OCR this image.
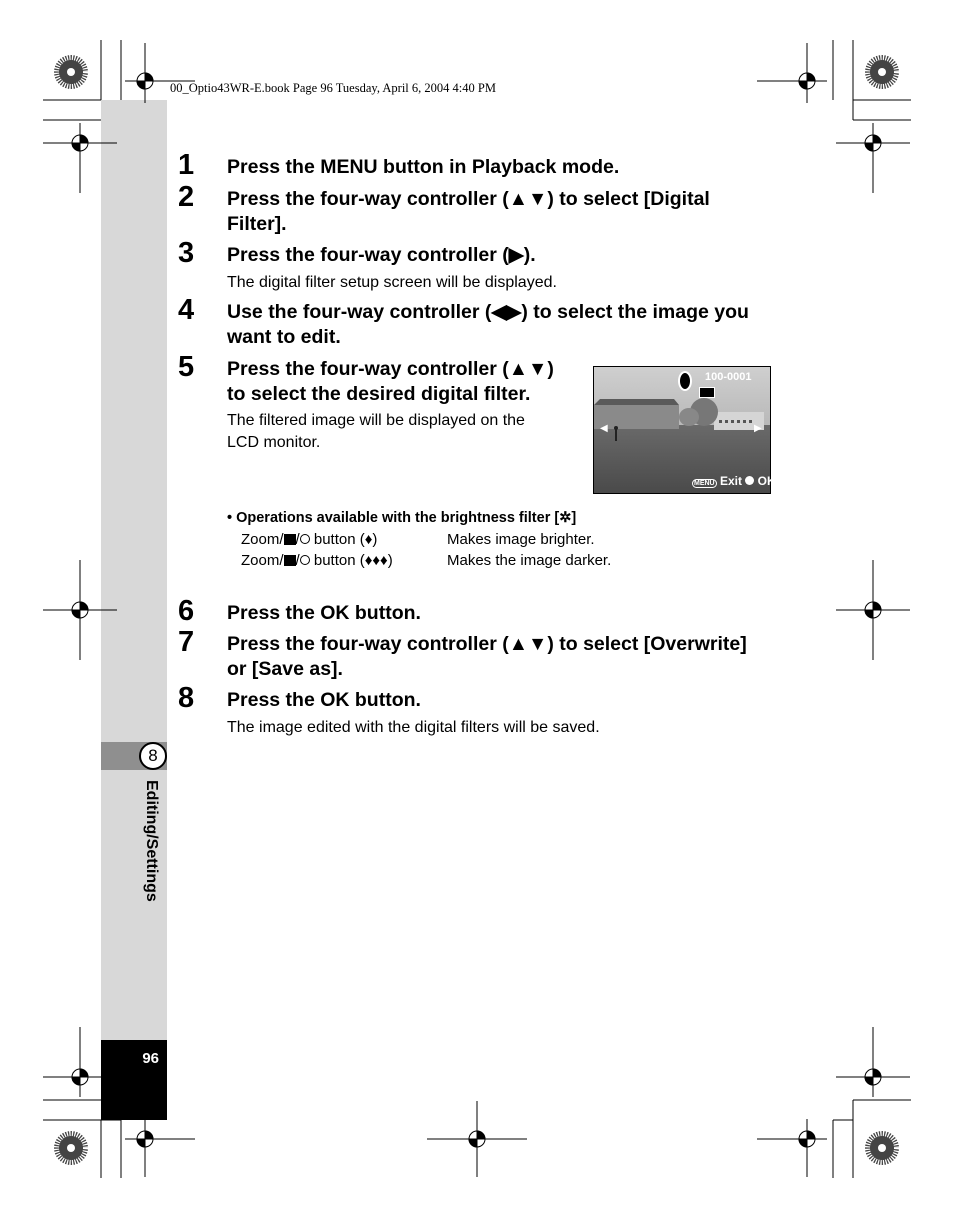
8
Editing/Settings
96
00_Optio43WR-E.book Page 96 Tuesday, April 6, 2004 4:40 PM
1 Press the MENU button in Playback mode.
2 Press the four-way controller (▲▼) to select [Digital
Filter].
3 Press the four-way controller (▶).
The digital filter setup screen will be displayed.
4 Use the four-way controller (◀▶) to select the image you
want to edit.
5 Press the four-way controller (▲▼)
to select the desired digital filter.
The filtered image will be displayed on the
LCD monitor.
100-0001
◀	▶
MENU Exit OK
• Operations available with the brightness filter [✲]
Zoom/ / button (♦)	Makes image brighter.
Zoom/ / button (♦♦♦)	Makes the image darker.
6 Press the OK button.
7 Press the four-way controller (▲▼) to select [Overwrite]
or [Save as].
8 Press the OK button.
The image edited with the digital filters will be saved.
